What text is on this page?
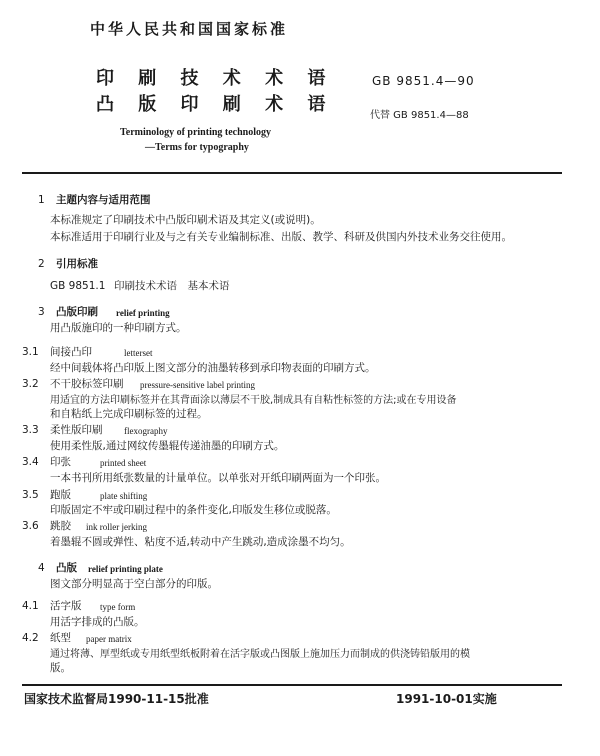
中华人民共和国国家标准
印 刷 技 术 术 语
凸 版 印 刷 术 语
GB 9851.4—90
代替 GB 9851.4—88
Terminology of printing technology
—Terms for typography
1 主题内容与适用范围
本标准规定了印刷技术中凸版印刷术语及其定义(或说明)。
本标准适用于印刷行业及与之有关专业编制标准、出版、教学、科研及供国内外技术业务交往使用。
2 引用标准
GB 9851.1 印刷技术术语　基本术语
3 凸版印刷 relief printing
用凸版施印的一种印刷方式。
3.1 间接凸印	letterset
经中间载体将凸印版上图文部分的油墨转移到承印物表面的印刷方式。
3.2 不干胶标签印刷 pressure-sensitive label printing
用适宜的方法印刷标签并在其背面涂以薄层不干胶,制成具有自粘性标签的方法;或在专用设备
和自粘纸上完成印刷标签的过程。
3.3 柔性版印刷 flexography
使用柔性版,通过网纹传墨辊传递油墨的印刷方式。
3.4 印张	printed sheet
一本书刊所用纸张数量的计量单位。以单张对开纸印刷两面为一个印张。
3.5 跑版	plate shifting
印版固定不牢或印刷过程中的条件变化,印版发生移位或脱落。
3.6 跳胶 ink roller jerking
着墨辊不圆或弹性、粘度不适,转动中产生跳动,造成涂墨不均匀。
4 凸版 relief printing plate
图文部分明显高于空白部分的印版。
4.1 活字版 type form
用活字排成的凸版。
4.2 纸型 paper matrix
通过将薄、厚型纸或专用纸型纸板附着在活字版或凸图版上施加压力而制成的供浇铸铅版用的模
版。
国家技术监督局1990-11-15批准	1991-10-01实施
